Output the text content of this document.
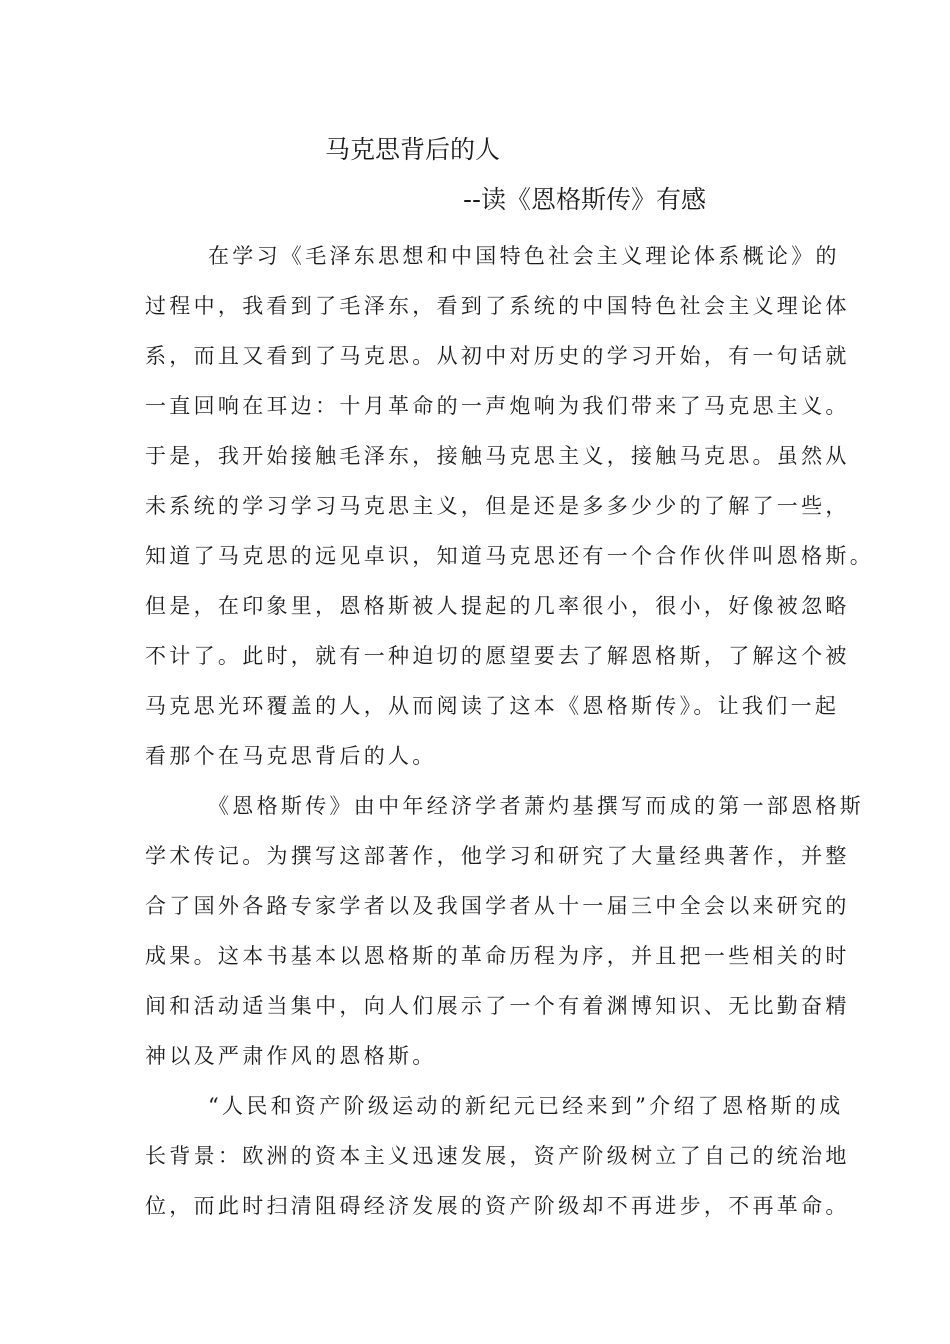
马克思背后的人
--读《恩格斯传》有感
在学习《毛泽东思想和中国特色社会主义理论体系概论》的
过程中，我看到了毛泽东，看到了系统的中国特色社会主义理论体
系，而且又看到了马克思。从初中对历史的学习开始，有一句话就
一直回响在耳边：十月革命的一声炮响为我们带来了马克思主义。
于是，我开始接触毛泽东，接触马克思主义，接触马克思。虽然从
未系统的学习学习马克思主义，但是还是多多少少的了解了一些，
知道了马克思的远见卓识，知道马克思还有一个合作伙伴叫恩格斯。
但是，在印象里，恩格斯被人提起的几率很小，很小，好像被忽略
不计了。此时，就有一种迫切的愿望要去了解恩格斯，了解这个被
马克思光环覆盖的人，从而阅读了这本《恩格斯传》。让我们一起
看那个在马克思背后的人。
《恩格斯传》由中年经济学者萧灼基撰写而成的第一部恩格斯
学术传记。为撰写这部著作，他学习和研究了大量经典著作，并整
合了国外各路专家学者以及我国学者从十一届三中全会以来研究的
成果。这本书基本以恩格斯的革命历程为序，并且把一些相关的时
间和活动适当集中，向人们展示了一个有着渊博知识、无比勤奋精
神以及严肃作风的恩格斯。
“人民和资产阶级运动的新纪元已经来到”介绍了恩格斯的成
长背景：欧洲的资本主义迅速发展，资产阶级树立了自己的统治地
位，而此时扫清阻碍经济发展的资产阶级却不再进步，不再革命。
